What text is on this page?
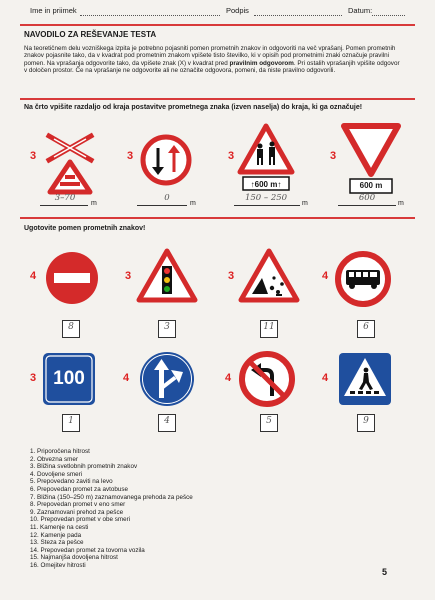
Ime in priimek	Podpis	Datum:
NAVODILO ZA REŠEVANJE TESTA
Na teoretičnem delu vozniškega izpita je potrebno pojasniti pomen prometnih znakov in odgovoriti na več vprašanj. Pomen prometnih znakov pojasnite tako, da v kvadrat pod prometnim znakom vpišete tisto številko, ki v opisih pod prometnimi znaki označuje pravilni pomen. Na vprašanja odgovorite tako, da vpišete znak (X) v kvadrat pred pravilnim odgovorom. Pri ostalih vprašanjih vpišite odgovor v določen prostor. Če na vprašanje ne odgovorite ali ne označite odgovora, pomeni, da niste pravilno odgovorili.
Na črto vpišite razdaljo od kraja postavitve prometnega znaka (izven naselja) do kraja, ki ga označuje!
3
3–70
m
3
0
m
3
↑600 m↑
150 – 250
m
3
600 m
600
m
Ugotovite pomen prometnih znakov!
4
8
3
3
3
11
4
6
3 100
1
4
4
4
5
4
9
1. Priporočena hitrost
2. Obvezna smer
3. Bližina svetlobnih prometnih znakov
4. Dovoljene smeri
5. Prepovedano zaviti na levo
6. Prepovedan promet za avtobuse
7. Bližina (150–250 m) zaznamovanega prehoda za pešce
8. Prepovedan promet v eno smer
9. Zaznamovani prehod za pešce
10. Prepovedan promet v obe smeri
11. Kamenje na cesti
12. Kamenje pada
13. Steza za pešce
14. Prepovedan promet za tovorna vozila
15. Najmanjša dovoljena hitrost
16. Omejitev hitrosti
5
